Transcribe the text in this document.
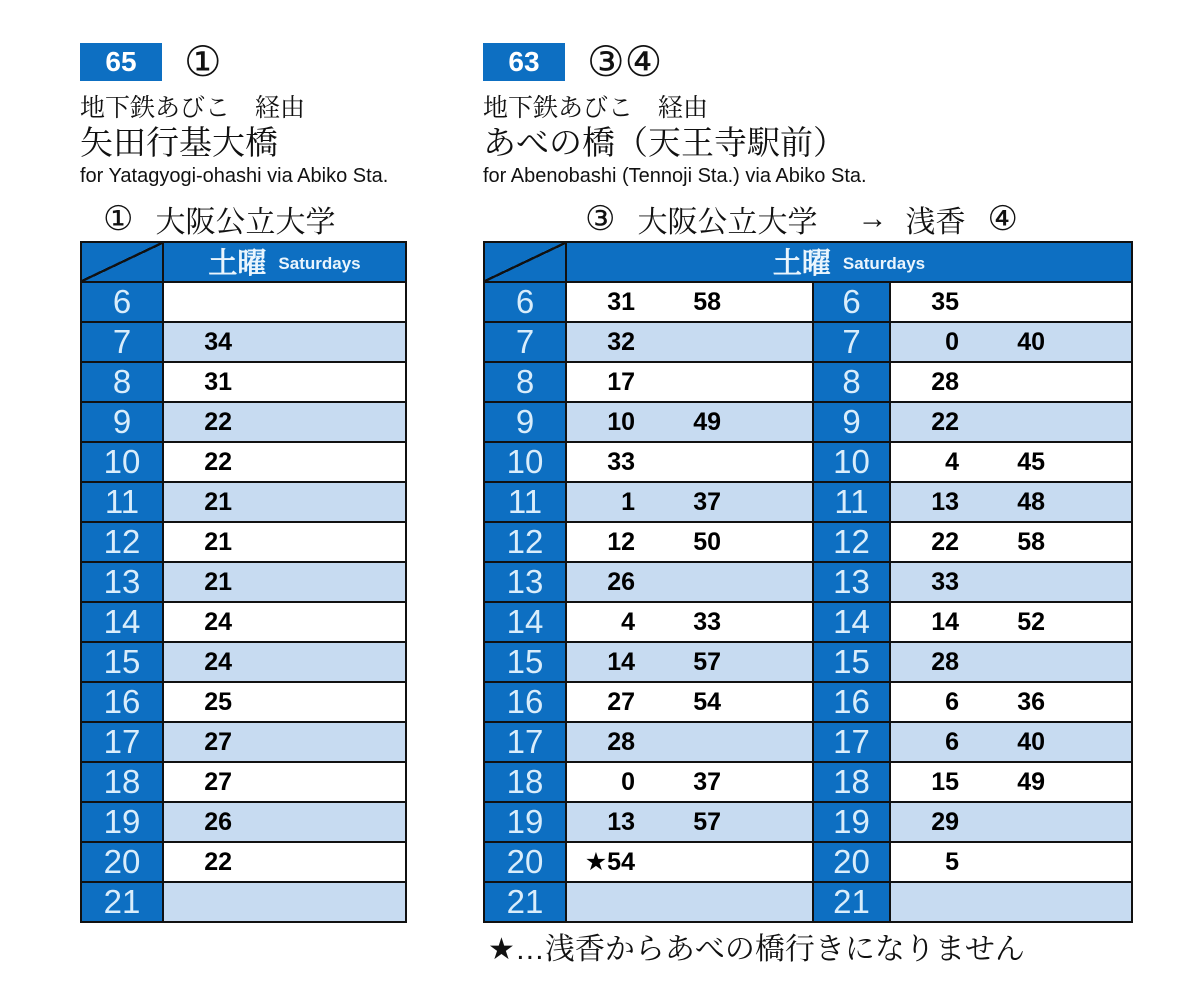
65	①
地下鉄あびこ　経由
矢田行基大橋
for Yatagyogi-ohashi via Abiko Sta.
63	③④
地下鉄あびこ　経由
あべの橋（天王寺駅前）
for Abenobashi (Tennoji Sta.) via Abiko Sta.
① 大阪公立大学	③ 大阪公立大学 → 浅香 ④
土曜 Saturdays
6
7	34
8	31
9	22
10	22
11	21
12	21
13	21
14	24
15	24
16	25
17	27
18	27
19	26
20	22
21
土曜 Saturdays
6	31	58	6	35
7	32	7	0	40
8	17	8	28
9	10	49	9	22
10	33	10	4	45
11	1	37	11	13	48
12	12	50	12	22	58
13	26	13	33
14	4	33	14	14	52
15	14	57	15	28
16	27	54	16	6	36
17	28	17	6	40
18	0	37	18	15	49
19	13	57	19	29
20	★54	20	5
21	21
★…浅香からあべの橋行きになりません
